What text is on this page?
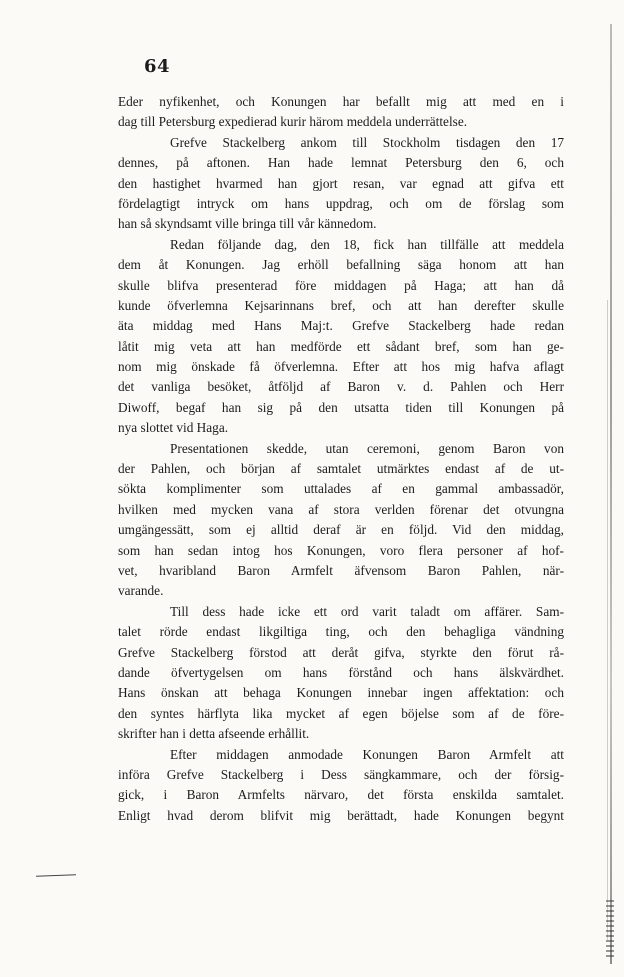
64
Eder nyfikenhet, och Konungen har befallt mig att med en i
dag till Petersburg expedierad kurir härom meddela underrättelse.
Grefve Stackelberg ankom till Stockholm tisdagen den 17
dennes, på aftonen. Han hade lemnat Petersburg den 6, och
den hastighet hvarmed han gjort resan, var egnad att gifva ett
fördelagtigt intryck om hans uppdrag, och om de förslag som
han så skyndsamt ville bringa till vår kännedom.
Redan följande dag, den 18, fick han tillfälle att meddela
dem åt Konungen. Jag erhöll befallning säga honom att han
skulle blifva presenterad före middagen på Haga; att han då
kunde öfverlemna Kejsarinnans bref, och att han derefter skulle
äta middag med Hans Maj:t. Grefve Stackelberg hade redan
låtit mig veta att han medförde ett sådant bref, som han ge-
nom mig önskade få öfverlemna. Efter att hos mig hafva aflagt
det vanliga besöket, åtföljd af Baron v. d. Pahlen och Herr
Diwoff, begaf han sig på den utsatta tiden till Konungen på
nya slottet vid Haga.
Presentationen skedde, utan ceremoni, genom Baron von
der Pahlen, och början af samtalet utmärktes endast af de ut-
sökta komplimenter som uttalades af en gammal ambassadör,
hvilken med mycken vana af stora verlden förenar det otvungna
umgängessätt, som ej alltid deraf är en följd. Vid den middag,
som han sedan intog hos Konungen, voro flera personer af hof-
vet, hvaribland Baron Armfelt äfvensom Baron Pahlen, när-
varande.
Till dess hade icke ett ord varit taladt om affärer. Sam-
talet rörde endast likgiltiga ting, och den behagliga vändning
Grefve Stackelberg förstod att deråt gifva, styrkte den förut rå-
dande öfvertygelsen om hans förstånd och hans älskvärdhet.
Hans önskan att behaga Konungen innebar ingen affektation: och
den syntes härflyta lika mycket af egen böjelse som af de före-
skrifter han i detta afseende erhållit.
Efter middagen anmodade Konungen Baron Armfelt att
införa Grefve Stackelberg i Dess sängkammare, och der försig-
gick, i Baron Armfelts närvaro, det första enskilda samtalet.
Enligt hvad derom blifvit mig berättadt, hade Konungen begynt
